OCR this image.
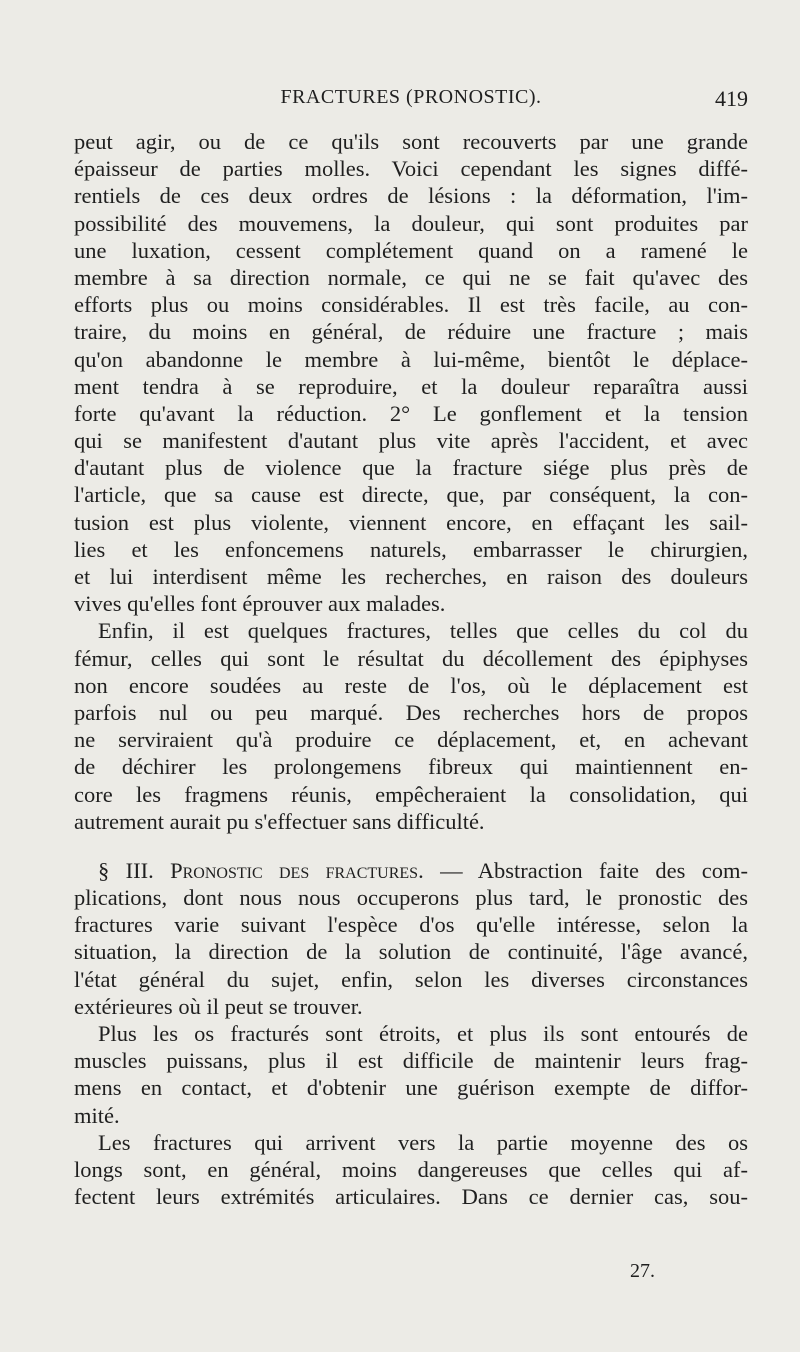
FRACTURES (PRONOSTIC).	419
peut agir, ou de ce qu'ils sont recouverts par une grande
épaisseur de parties molles. Voici cependant les signes diffé-
rentiels de ces deux ordres de lésions : la déformation, l'im-
possibilité des mouvemens, la douleur, qui sont produites par
une luxation, cessent complétement quand on a ramené le
membre à sa direction normale, ce qui ne se fait qu'avec des
efforts plus ou moins considérables. Il est très facile, au con-
traire, du moins en général, de réduire une fracture ; mais
qu'on abandonne le membre à lui-même, bientôt le déplace-
ment tendra à se reproduire, et la douleur reparaîtra aussi
forte qu'avant la réduction. 2° Le gonflement et la tension
qui se manifestent d'autant plus vite après l'accident, et avec
d'autant plus de violence que la fracture siége plus près de
l'article, que sa cause est directe, que, par conséquent, la con-
tusion est plus violente, viennent encore, en effaçant les sail-
lies et les enfoncemens naturels, embarrasser le chirurgien,
et lui interdisent même les recherches, en raison des douleurs
vives qu'elles font éprouver aux malades.
Enfin, il est quelques fractures, telles que celles du col du
fémur, celles qui sont le résultat du décollement des épiphyses
non encore soudées au reste de l'os, où le déplacement est
parfois nul ou peu marqué. Des recherches hors de propos
ne serviraient qu'à produire ce déplacement, et, en achevant
de déchirer les prolongemens fibreux qui maintiennent en-
core les fragmens réunis, empêcheraient la consolidation, qui
autrement aurait pu s'effectuer sans difficulté.
§ III. Pronostic des fractures. — Abstraction faite des com-
plications, dont nous nous occuperons plus tard, le pronostic des
fractures varie suivant l'espèce d'os qu'elle intéresse, selon la
situation, la direction de la solution de continuité, l'âge avancé,
l'état général du sujet, enfin, selon les diverses circonstances
extérieures où il peut se trouver.
Plus les os fracturés sont étroits, et plus ils sont entourés de
muscles puissans, plus il est difficile de maintenir leurs frag-
mens en contact, et d'obtenir une guérison exempte de diffor-
mité.
Les fractures qui arrivent vers la partie moyenne des os
longs sont, en général, moins dangereuses que celles qui af-
fectent leurs extrémités articulaires. Dans ce dernier cas, sou-
27.
